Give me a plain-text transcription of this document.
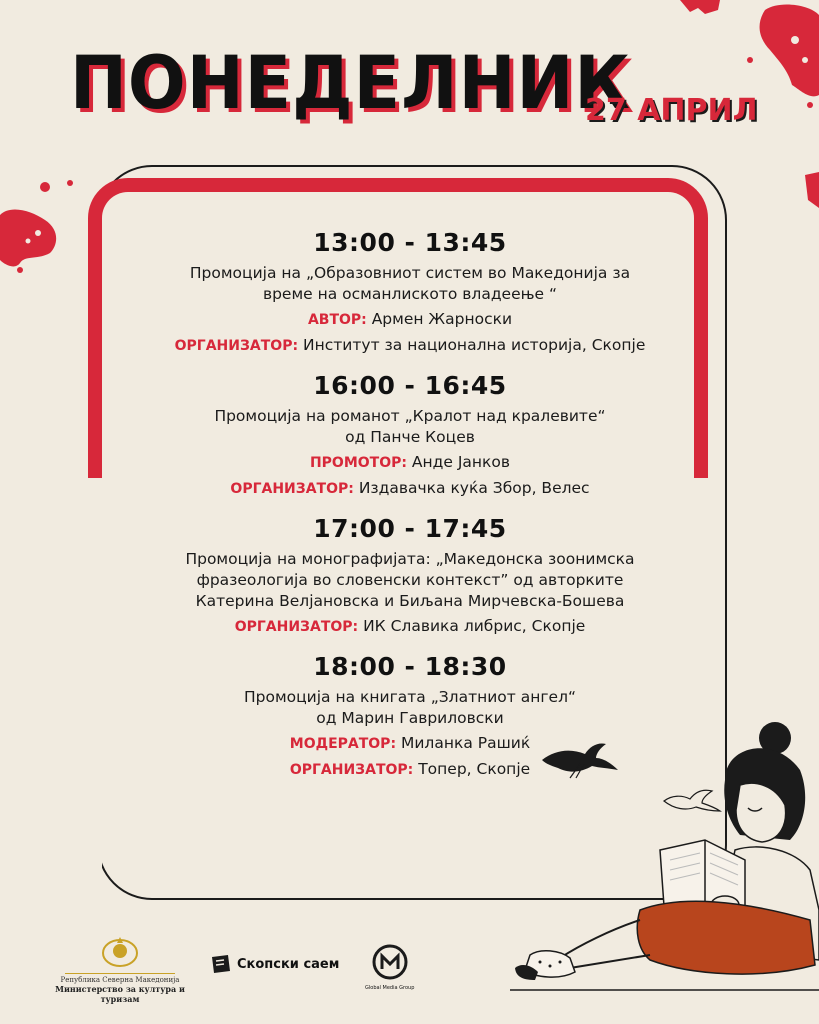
ПОНЕДЕЛНИК
27 АПРИЛ
13:00 - 13:45
Промоција на „Образовниот систем во Македонија за
време на османлиското владеење “
АВТОР: Армен Жарноски
ОРГАНИЗАТОР: Институт за национална историја, Скопје
16:00 - 16:45
Промоција на романот „Кралот над кралевите“
од Панче Коцев
ПРОМОТОР: Анде Јанков
ОРГАНИЗАТОР: Издавачка куќа Збор, Велес
17:00 - 17:45
Промоција на монографијата: „Македонска зоонимска
фразеологија во словенски контекст” од авторките
Катерина Велјановска и Биљана Мирчевска-Бошева
ОРГАНИЗАТОР: ИК Славика либрис, Скопје
18:00 - 18:30
Промоција на книгата „Златниот ангел“
од Марин Гавриловски
МОДЕРАТОР: Миланка Рашиќ
ОРГАНИЗАТОР: Топер, Скопје
Република Северна Македонија
Министерство за култура и туризам
Скопски саем
Global Media Group
